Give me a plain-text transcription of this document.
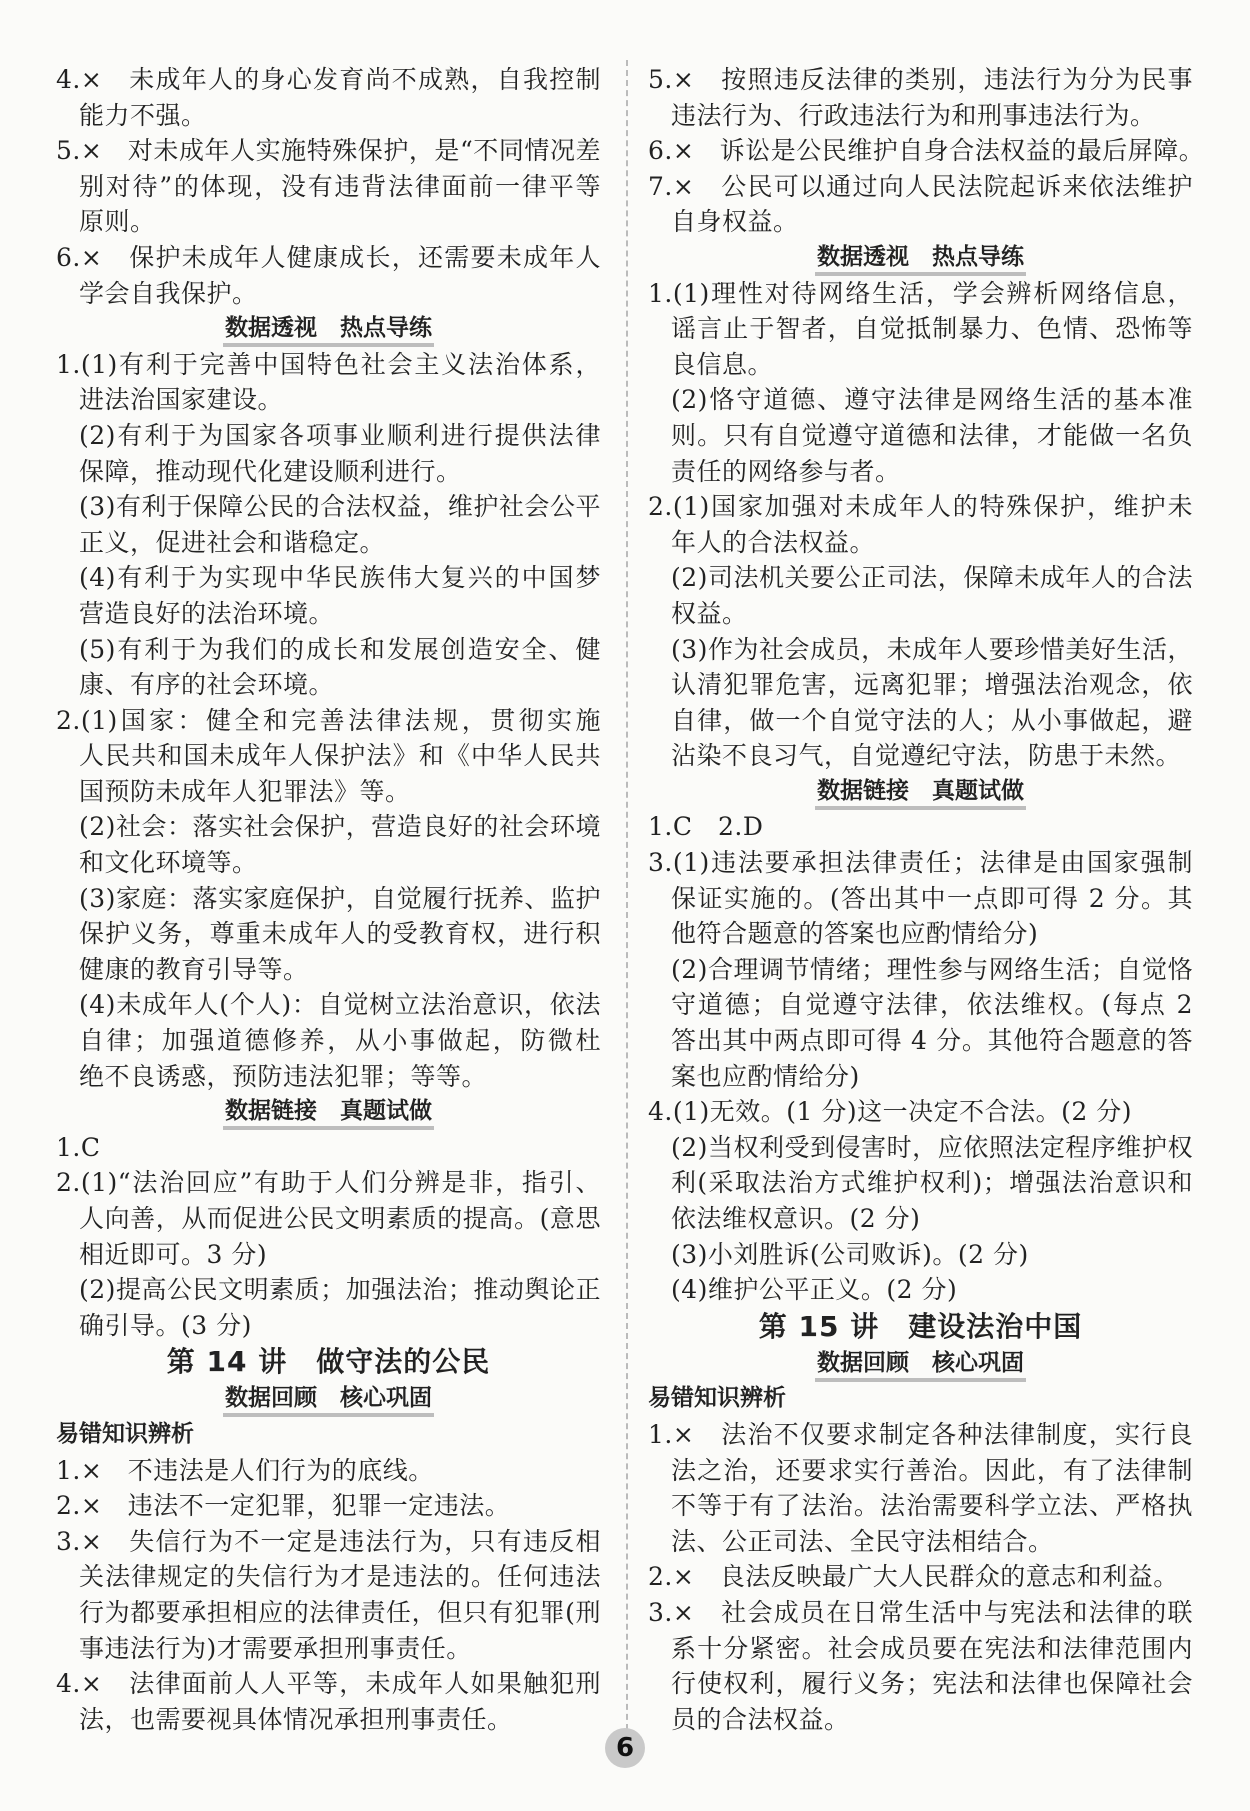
4.×　未成年人的身心发育尚不成熟，自我控制
能力不强。
5.×　对未成年人实施特殊保护，是“不同情况差
别对待”的体现，没有违背法律面前一律平等
原则。
6.×　保护未成年人健康成长，还需要未成年人
学会自我保护。
数据透视　热点导练
1.(1)有利于完善中国特色社会主义法治体系，
进法治国家建设。
(2)有利于为国家各项事业顺利进行提供法律
保障，推动现代化建设顺利进行。
(3)有利于保障公民的合法权益，维护社会公平
正义，促进社会和谐稳定。
(4)有利于为实现中华民族伟大复兴的中国梦
营造良好的法治环境。
(5)有利于为我们的成长和发展创造安全、健
康、有序的社会环境。
2.(1)国家：健全和完善法律法规，贯彻实施
人民共和国未成年人保护法》和《中华人民共
国预防未成年人犯罪法》等。
(2)社会：落实社会保护，营造良好的社会环境
和文化环境等。
(3)家庭：落实家庭保护，自觉履行抚养、监护
保护义务，尊重未成年人的受教育权，进行积
健康的教育引导等。
(4)未成年人(个人)：自觉树立法治意识，依法
自律；加强道德修养，从小事做起，防微杜
绝不良诱惑，预防违法犯罪；等等。
数据链接　真题试做
1.C
2.(1)“法治回应”有助于人们分辨是非，指引、
人向善，从而促进公民文明素质的提高。(意思
相近即可。3 分)
(2)提高公民文明素质；加强法治；推动舆论正
确引导。(3 分)
第 14 讲　做守法的公民
数据回顾　核心巩固
易错知识辨析
1.×　不违法是人们行为的底线。
2.×　违法不一定犯罪，犯罪一定违法。
3.×　失信行为不一定是违法行为，只有违反相
关法律规定的失信行为才是违法的。任何违法
行为都要承担相应的法律责任，但只有犯罪(刑
事违法行为)才需要承担刑事责任。
4.×　法律面前人人平等，未成年人如果触犯刑
法，也需要视具体情况承担刑事责任。
5.×　按照违反法律的类别，违法行为分为民事
违法行为、行政违法行为和刑事违法行为。
6.×　诉讼是公民维护自身合法权益的最后屏障。
7.×　公民可以通过向人民法院起诉来依法维护
自身权益。
数据透视　热点导练
1.(1)理性对待网络生活，学会辨析网络信息，
谣言止于智者，自觉抵制暴力、色情、恐怖等
良信息。
(2)恪守道德、遵守法律是网络生活的基本准
则。只有自觉遵守道德和法律，才能做一名负
责任的网络参与者。
2.(1)国家加强对未成年人的特殊保护，维护未
年人的合法权益。
(2)司法机关要公正司法，保障未成年人的合法
权益。
(3)作为社会成员，未成年人要珍惜美好生活，
认清犯罪危害，远离犯罪；增强法治观念，依
自律，做一个自觉守法的人；从小事做起，避
沾染不良习气，自觉遵纪守法，防患于未然。
数据链接　真题试做
1.C　2.D
3.(1)违法要承担法律责任；法律是由国家强制
保证实施的。(答出其中一点即可得 2 分。其
他符合题意的答案也应酌情给分)
(2)合理调节情绪；理性参与网络生活；自觉恪
守道德；自觉遵守法律，依法维权。(每点 2
答出其中两点即可得 4 分。其他符合题意的答
案也应酌情给分)
4.(1)无效。(1 分)这一决定不合法。(2 分)
(2)当权利受到侵害时，应依照法定程序维护权
利(采取法治方式维护权利)；增强法治意识和
依法维权意识。(2 分)
(3)小刘胜诉(公司败诉)。(2 分)
(4)维护公平正义。(2 分)
第 15 讲　建设法治中国
数据回顾　核心巩固
易错知识辨析
1.×　法治不仅要求制定各种法律制度，实行良
法之治，还要求实行善治。因此，有了法律制
不等于有了法治。法治需要科学立法、严格执
法、公正司法、全民守法相结合。
2.×　良法反映最广大人民群众的意志和利益。
3.×　社会成员在日常生活中与宪法和法律的联
系十分紧密。社会成员要在宪法和法律范围内
行使权利，履行义务；宪法和法律也保障社会
员的合法权益。
6
